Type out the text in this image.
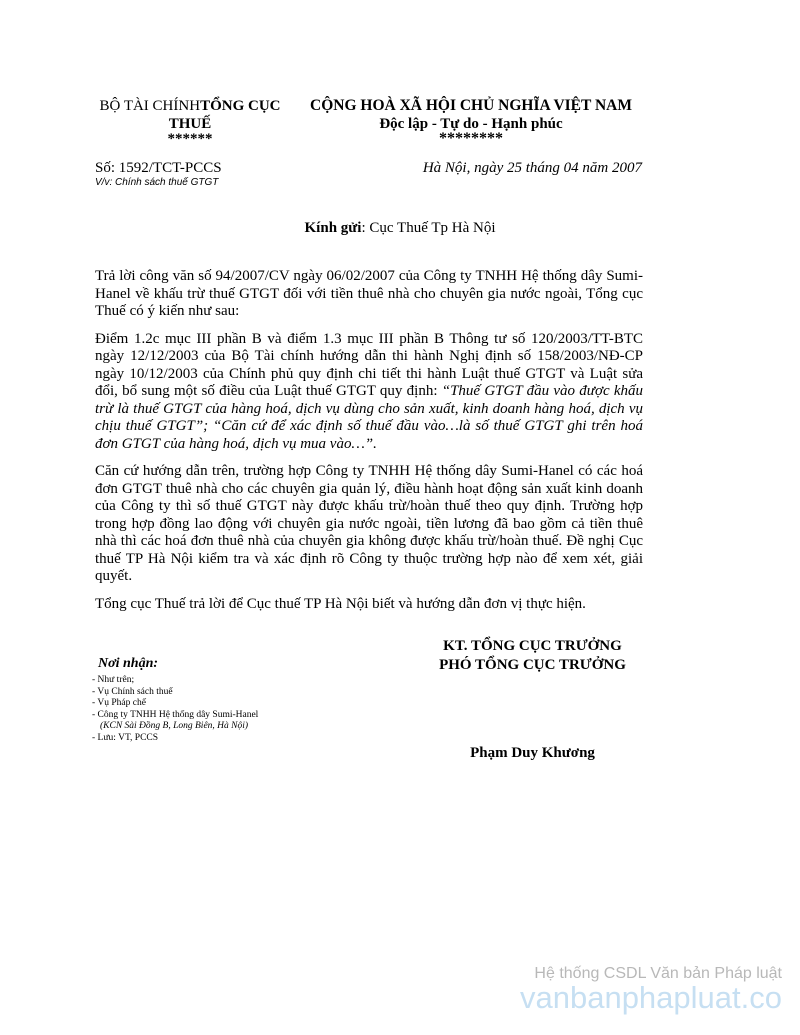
BỘ TÀI CHÍNHTỔNG CỤC THUẾ
******
CỘNG HOÀ XÃ HỘI CHỦ NGHĨA VIỆT NAM
Độc lập - Tự do - Hạnh phúc
********
Số: 1592/TCT-PCCS
V/v: Chính sách thuế GTGT
Hà Nội, ngày 25 tháng 04 năm 2007
Kính gửi: Cục Thuế Tp Hà Nội

Trả lời công văn số 94/2007/CV ngày 06/02/2007 của Công ty TNHH Hệ thống dây Sumi-Hanel về khấu trừ thuế GTGT đối với tiền thuê nhà cho chuyên gia nước ngoài, Tổng cục Thuế có ý kiến như sau:

Điểm 1.2c mục III phần B và điểm 1.3 mục III phần B Thông tư số 120/2003/TT-BTC ngày 12/12/2003 của Bộ Tài chính hướng dẫn thi hành Nghị định số 158/2003/NĐ-CP ngày 10/12/2003 của Chính phủ quy định chi tiết thi hành Luật thuế GTGT và Luật sửa đổi, bổ sung một số điều của Luật thuế GTGT quy định: “Thuế GTGT đầu vào được khấu trừ là thuế GTGT của hàng hoá, dịch vụ dùng cho sản xuất, kinh doanh hàng hoá, dịch vụ chịu thuế GTGT”; “Căn cứ để xác định số thuế đầu vào…là số thuế GTGT ghi trên hoá đơn GTGT của hàng hoá, dịch vụ mua vào…”.

Căn cứ hướng dẫn trên, trường hợp Công ty TNHH Hệ thống dây Sumi-Hanel có các hoá đơn GTGT thuê nhà cho các chuyên gia quản lý, điều hành hoạt động sản xuất kinh doanh của Công ty thì số thuế GTGT này được khấu trừ/hoàn thuế theo quy định. Trường hợp trong hợp đồng lao động với chuyên gia nước ngoài, tiền lương đã bao gồm cả tiền thuê nhà thì các hoá đơn thuê nhà của chuyên gia không được khấu trừ/hoàn thuế. Đề nghị Cục thuế TP Hà Nội kiểm tra và xác định rõ Công ty thuộc trường hợp nào để xem xét, giải quyết.

Tổng cục Thuế trả lời để Cục thuế TP Hà Nội biết và hướng dẫn đơn vị thực hiện.

KT. TỔNG CỤC TRƯỞNG
PHÓ TỔNG CỤC TRƯỞNG
Phạm Duy Khương
Nơi nhận:
- Như trên;
- Vụ Chính sách thuế
- Vụ Pháp chế
- Công ty TNHH Hệ thống dây Sumi-Hanel
(KCN Sài Đồng B, Long Biên, Hà Nội)
- Lưu: VT, PCCS
Hệ thống CSDL Văn bản Pháp luật
vanbanphapluat.co
